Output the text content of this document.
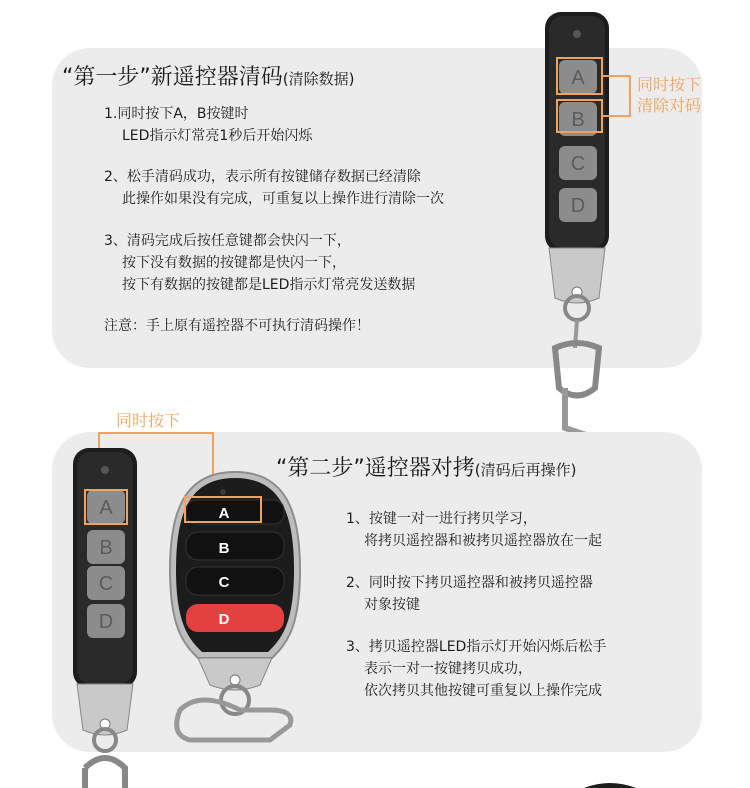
“第一步”新遥控器清码(清除数据)
1.同时按下A，B按键时
LED指示灯常亮1秒后开始闪烁
2、松手清码成功，表示所有按键储存数据已经清除
此操作如果没有完成，可重复以上操作进行清除一次
3、清码完成后按任意键都会快闪一下，
按下没有数据的按键都是快闪一下，
按下有数据的按键都是LED指示灯常亮发送数据
注意：手上原有遥控器不可执行清码操作！
A
B
C
D
同时按下
清除对码
“第二步”遥控器对拷(清码后再操作)
1、按键一对一进行拷贝学习，
将拷贝遥控器和被拷贝遥控器放在一起
2、同时按下拷贝遥控器和被拷贝遥控器
对象按键
3、拷贝遥控器LED指示灯开始闪烁后松手
表示一对一按键拷贝成功，
依次拷贝其他按键可重复以上操作完成
同时按下
A
B
C
D
A
B
C
D
